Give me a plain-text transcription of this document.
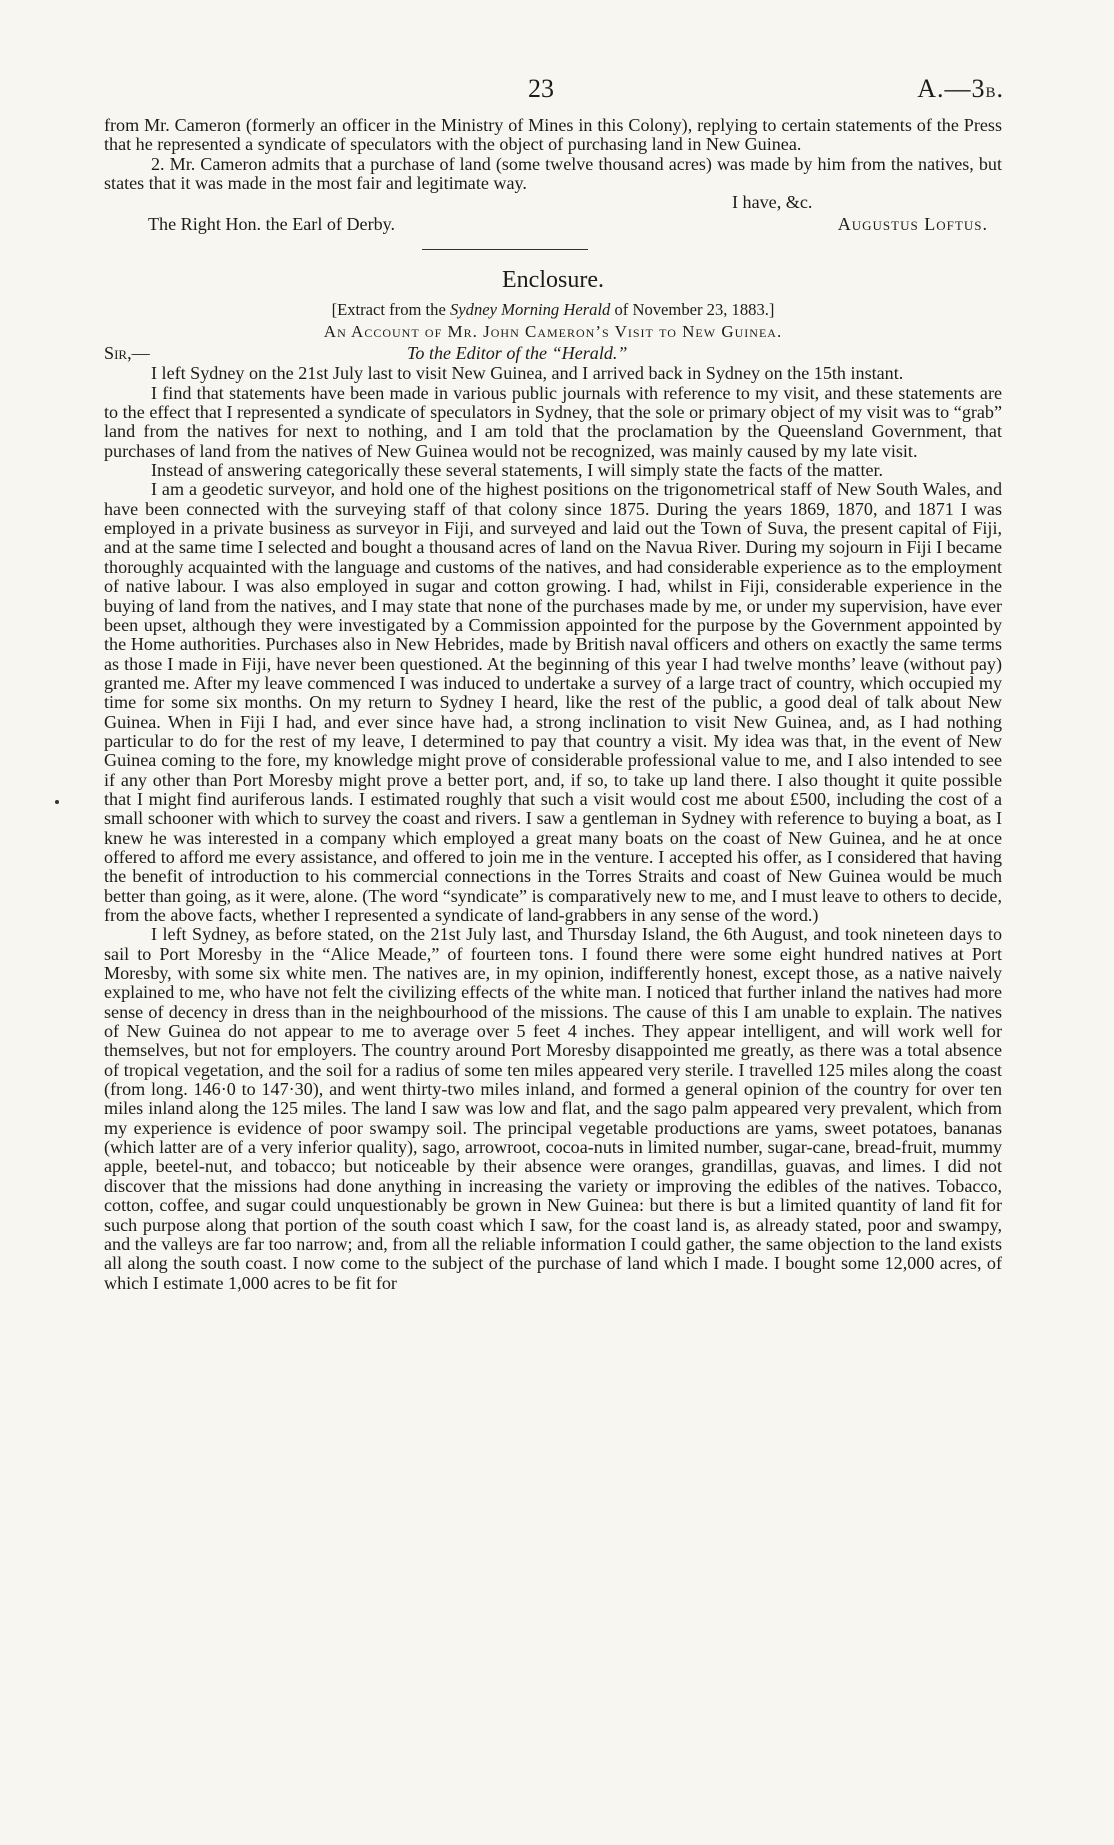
23	A.—3b.

from Mr. Cameron (formerly an officer in the Ministry of Mines in this Colony), replying to certain statements of the Press that he represented a syndicate of speculators with the object of purchasing land in New Guinea.

2. Mr. Cameron admits that a purchase of land (some twelve thousand acres) was made by him from the natives, but states that it was made in the most fair and legitimate way.

I have, &c.
The Right Hon. the Earl of Derby.	Augustus Loftus.
Enclosure.
[Extract from the Sydney Morning Herald of November 23, 1883.]
An Account of Mr. John Cameron’s Visit to New Guinea.
Sir,—	To the Editor of the “Herald.”

I left Sydney on the 21st July last to visit New Guinea, and I arrived back in Sydney on the 15th instant.

I find that statements have been made in various public journals with reference to my visit, and these statements are to the effect that I represented a syndicate of speculators in Sydney, that the sole or primary object of my visit was to “grab” land from the natives for next to nothing, and I am told that the proclamation by the Queensland Government, that purchases of land from the natives of New Guinea would not be recognized, was mainly caused by my late visit.

Instead of answering categorically these several statements, I will simply state the facts of the matter.

I am a geodetic surveyor, and hold one of the highest positions on the trigonometrical staff of New South Wales, and have been connected with the surveying staff of that colony since 1875. During the years 1869, 1870, and 1871 I was employed in a private business as surveyor in Fiji, and surveyed and laid out the Town of Suva, the present capital of Fiji, and at the same time I selected and bought a thousand acres of land on the Navua River. During my sojourn in Fiji I became thoroughly acquainted with the language and customs of the natives, and had considerable experience as to the employment of native labour. I was also employed in sugar and cotton growing. I had, whilst in Fiji, considerable experience in the buying of land from the natives, and I may state that none of the purchases made by me, or under my supervision, have ever been upset, although they were investigated by a Commission appointed for the purpose by the Government appointed by the Home authorities. Purchases also in New Hebrides, made by British naval officers and others on exactly the same terms as those I made in Fiji, have never been questioned. At the beginning of this year I had twelve months’ leave (without pay) granted me. After my leave commenced I was induced to undertake a survey of a large tract of country, which occupied my time for some six months. On my return to Sydney I heard, like the rest of the public, a good deal of talk about New Guinea. When in Fiji I had, and ever since have had, a strong inclination to visit New Guinea, and, as I had nothing particular to do for the rest of my leave, I determined to pay that country a visit. My idea was that, in the event of New Guinea coming to the fore, my knowledge might prove of considerable professional value to me, and I also intended to see if any other than Port Moresby might prove a better port, and, if so, to take up land there. I also thought it quite possible that I might find auriferous lands. I estimated roughly that such a visit would cost me about £500, including the cost of a small schooner with which to survey the coast and rivers. I saw a gentleman in Sydney with reference to buying a boat, as I knew he was interested in a company which employed a great many boats on the coast of New Guinea, and he at once offered to afford me every assistance, and offered to join me in the venture. I accepted his offer, as I considered that having the benefit of introduction to his commercial connections in the Torres Straits and coast of New Guinea would be much better than going, as it were, alone. (The word “syndicate” is comparatively new to me, and I must leave to others to decide, from the above facts, whether I represented a syndicate of land-grabbers in any sense of the word.)

I left Sydney, as before stated, on the 21st July last, and Thursday Island, the 6th August, and took nineteen days to sail to Port Moresby in the “Alice Meade,” of fourteen tons. I found there were some eight hundred natives at Port Moresby, with some six white men. The natives are, in my opinion, indifferently honest, except those, as a native naively explained to me, who have not felt the civilizing effects of the white man. I noticed that further inland the natives had more sense of decency in dress than in the neighbourhood of the missions. The cause of this I am unable to explain. The natives of New Guinea do not appear to me to average over 5 feet 4 inches. They appear intelligent, and will work well for themselves, but not for employers. The country around Port Moresby disappointed me greatly, as there was a total absence of tropical vegetation, and the soil for a radius of some ten miles appeared very sterile. I travelled 125 miles along the coast (from long. 146·0 to 147·30), and went thirty-two miles inland, and formed a general opinion of the country for over ten miles inland along the 125 miles. The land I saw was low and flat, and the sago palm appeared very prevalent, which from my experience is evidence of poor swampy soil. The principal vegetable productions are yams, sweet potatoes, bananas (which latter are of a very inferior quality), sago, arrowroot, cocoa-nuts in limited number, sugar-cane, bread-fruit, mummy apple, beetel-nut, and tobacco; but noticeable by their absence were oranges, grandillas, guavas, and limes. I did not discover that the missions had done anything in increasing the variety or improving the edibles of the natives. Tobacco, cotton, coffee, and sugar could unquestionably be grown in New Guinea: but there is but a limited quantity of land fit for such purpose along that portion of the south coast which I saw, for the coast land is, as already stated, poor and swampy, and the valleys are far too narrow; and, from all the reliable information I could gather, the same objection to the land exists all along the south coast. I now come to the subject of the purchase of land which I made. I bought some 12,000 acres, of which I estimate 1,000 acres to be fit for
